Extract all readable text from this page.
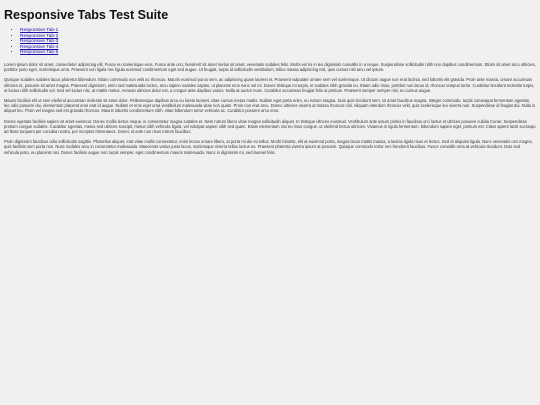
Responsive Tabs Test Suite
• Responsive Tab-1
• Responsive Tab-2
• Responsive Tab-3
• Responsive Tab-4
• Responsive Tab-5

Lorem ipsum dolor sit amet, consectetur adipiscing elit. Fusce eu scelerisque eros. Fusce ante orci, hendrerit sit amet metus sit amet, venenatis sodales felis. Morbi vel mi in leo dignissim convallis in a neque. Suspendisse sollicitudin nibh non dapibus condimentum. Etiam sit amet arcu ultricies, porttitor justo eget, scelerisque urna. Praesent non ligula nec ligula euismod condimentum eget sed augue. Ut feugiat, turpis id sollicitudin vestibulum, tellus massa adipiscing nisl, quis cursus nisl arcu vel ipsum.

Quisque sodales sodales lacus pharetra bibendum. Etiam commodo non velit ac rhoncus. Mauris euismod purus sem, ac adipiscing quam laoreet et. Praesent vulputate ornare sem vel scelerisque. Ut dictum augue non erat lacinia, sed lobortis elit gravida. Proin ante massa, ornare accumsan ultricies et, posuere sit amet magna. Praesent dignissim, enim sed malesuada luctus, arcu sapien sodales sapien, ut placerat eros nunc vel mi. Donec tristique mi turpis, et sodales nibh gravida eu. Etiam odio risus, porttitor non lacus id, rhoncus tempus tortor. Curabitur tincidunt molestie turpis, ut luctus nibh sollicitudin vel. Sed vel luctus nisi, at mattis metus. Aenean ultricies dolor est, a congue ante dapibus varius. Nulla at auctor nunc. Curabitur accumsan feugiat felis ut pretium. Praesent semper semper nisi, eu cursus augue.

Mauris facilisis elit ut sem eleifend accumsan molestie sit amet dolor. Pellentesque dapibus arcu eu lorem laoreet, vitae cursus metus mattis. Nullam eget porta enim, eu rutrum magna. Duis quis tincidunt sem, sit amet faucibus magna. Integer commodo, turpis consequat fermentum egestas, leo odio posuere dui, elementum placerat eros erat id augue. Nullam et eros eget urna vestibulum malesuada vitae non quam. Proin non erat arcu. Donec ultricies viverra ut massa rhoncus nisl. Aliquam interdum rhoncus velit, quis scelerisque leo viverra non. Suspendisse id feugiat dui. Nulla in aliquet leo. Proin vel magna sed est gravida rhoncus. Mauris lobortis condimentum nibh, vitae bibendum tortor vehicula ac. Curabitur posuere arcu eros.

Donec egestas facilisis sapien sit amet euismod. Donec mollis lectus neque, in consectetur magna sodales et. Nam rutrum libero vitae magna sollicitudin aliquet. In tristique ultrices euismod. Vestibulum ante ipsum primis in faucibus orci luctus et ultrices posuere cubilia Curae; Suspendisse pretium congue sodales. Curabitur egestas, metus sed ultrices suscipit, metus nibh vehicula ligula, vel volutpat sapien nibh sed quam. Etiam elementum nisi eu risus congue, ut eleifend lectus ultricies. Vivamus in ligula fermentum, bibendum sapien eget, pretium est. Class aptent taciti sociosqu ad litora torquent per conubia nostra, per inceptos himenaeos. Donec ut ante non risus rutrum faucibus.

Proin dignissim faucibus odio sollicitudin sagittis. Phasellus aliquet, erat vitae mollis consectetur, enim lectus ornare libero, at porta mi dui eu tellus. Morbi lobortis, elit at euismod porta, magna lacus mattis massa, a lacinia ligula risus et lectus. Sed et aliquam ligula. Nunc venenatis orci magna, quis facilisis sem porta non. Nunc sodales arcu in consectetur malesuada. Maecenas varius justo lacus, scelerisque viverra tellus luctus eu. Praesent pharetra viverra ipsum at posuere. Quisque commodo tortor nec hendrerit faucibus. Fusce convallis urna at vehicula tincidunt. Duis sed vehicula justo, eu placerat nisi. Donec facilisis augue non turpis semper, eget condimentum mauris malesuada. Nunc in dignissim mi, sed laoreet felis.
